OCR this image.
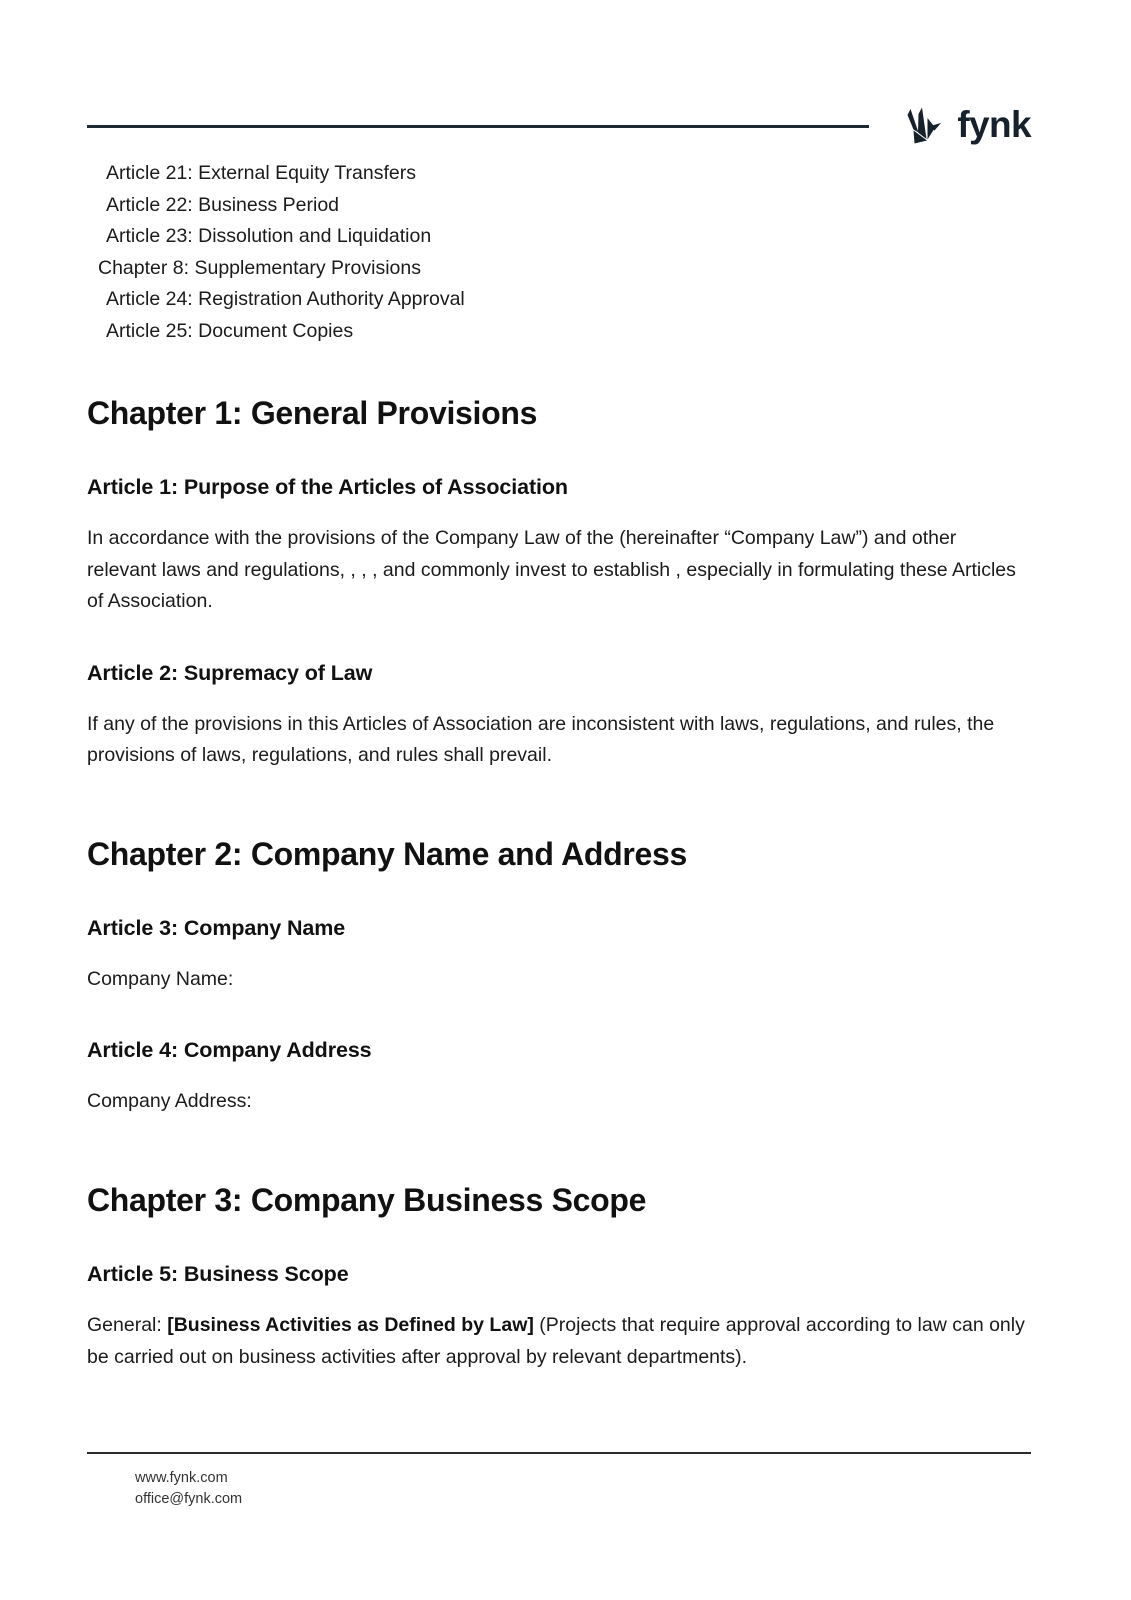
fynk
Article 21: External Equity Transfers
Article 22: Business Period
Article 23: Dissolution and Liquidation
Chapter 8: Supplementary Provisions
Article 24: Registration Authority Approval
Article 25: Document Copies
Chapter 1: General Provisions
Article 1: Purpose of the Articles of Association

In accordance with the provisions of the Company Law of the (hereinafter “Company Law”) and other relevant laws and regulations, , , , and commonly invest to establish , especially in formulating these Articles of Association.

Article 2: Supremacy of Law

If any of the provisions in this Articles of Association are inconsistent with laws, regulations, and rules, the provisions of laws, regulations, and rules shall prevail.

Chapter 2: Company Name and Address
Article 3: Company Name

Company Name:

Article 4: Company Address

Company Address:

Chapter 3: Company Business Scope
Article 5: Business Scope

General: [Business Activities as Defined by Law] (Projects that require approval according to law can only be carried out on business activities after approval by relevant departments).

www.fynk.com
office@fynk.com
